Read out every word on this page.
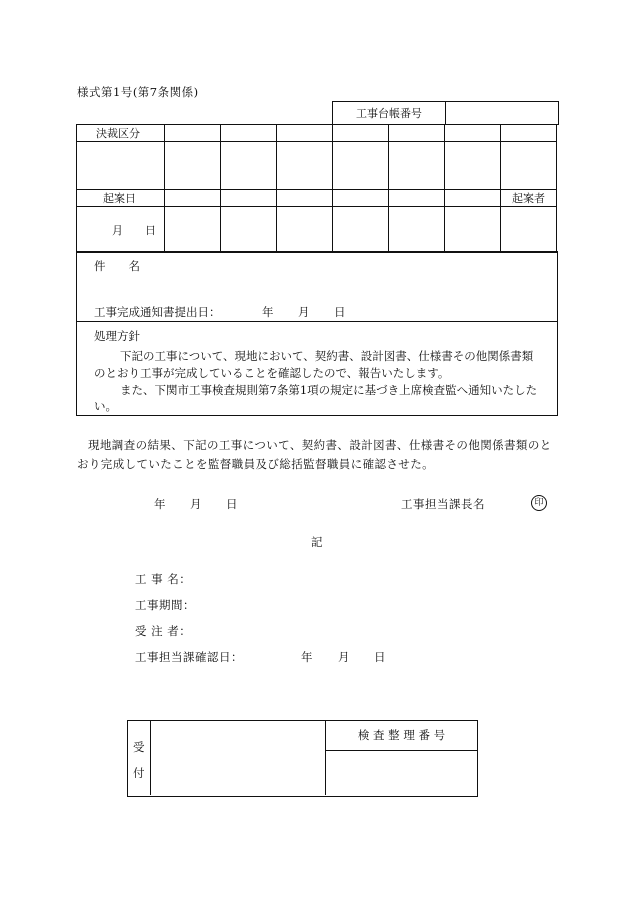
様式第1号(第7条関係)
工事台帳番号	
決裁区分							

起案日							起案者
月 日							
件　　名
工事完成通知書提出日：	年 月 日
処理方針
下記の工事について、現地において、契約書、設計図書、仕様書その他関係書類
のとおり工事が完成していることを確認したので、報告いたします。
また、下関市工事検査規則第7条第1項の規定に基づき上席検査監へ通知いたした
い。
現地調査の結果、下記の工事について、契約書、設計図書、仕様書その他関係書類のと
おり完成していたことを監督職員及び総括監督職員に確認させた。
年 月 日	工事担当課長名	印
記
工 事 名：
工事期間：
受 注 者：
工事担当課確認日：	年 月 日
受
付
検 査 整 理 番 号
